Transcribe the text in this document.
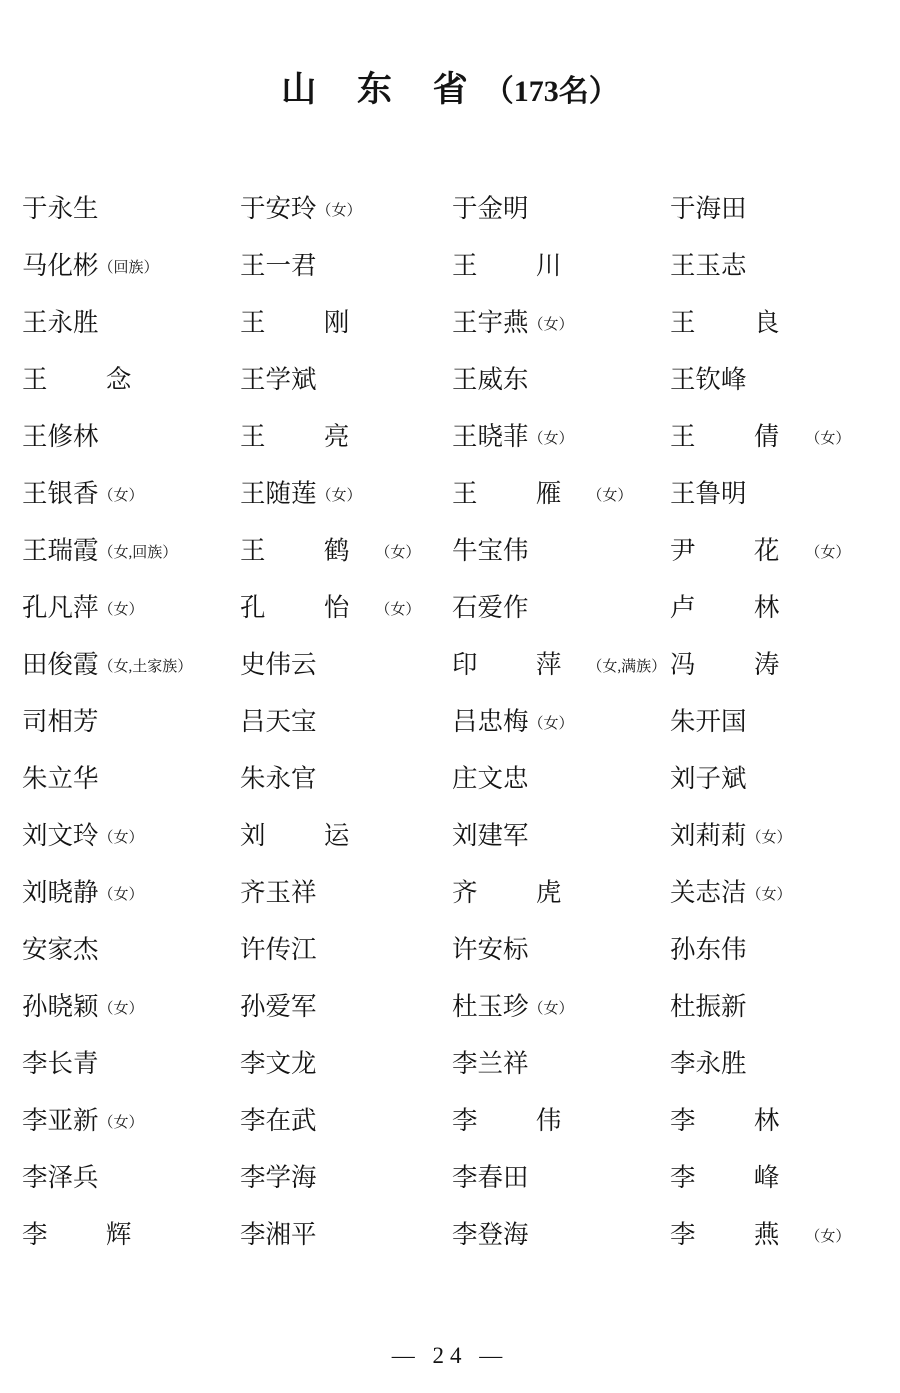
山 东 省（173名）
于永生	于安玲（女）	于金明	于海田
马化彬（回族）	王一君	王 川	王玉志
王永胜	王 刚	王宇燕（女）	王 良
王 念	王学斌	王威东	王钦峰
王修林	王 亮	王晓菲（女）	王 倩（女）
王银香（女）	王随莲（女）	王 雁（女）	王鲁明
王瑞霞（女,回族）	王 鹤（女）	牛宝伟	尹 花（女）
孔凡萍（女）	孔 怡（女）	石爱作	卢 林
田俊霞（女,土家族）	史伟云	印 萍（女,满族）	冯 涛
司相芳	吕天宝	吕忠梅（女）	朱开国
朱立华	朱永官	庄文忠	刘子斌
刘文玲（女）	刘 运	刘建军	刘莉莉（女）
刘晓静（女）	齐玉祥	齐 虎	关志洁（女）
安家杰	许传江	许安标	孙东伟
孙晓颖（女）	孙爱军	杜玉珍（女）	杜振新
李长青	李文龙	李兰祥	李永胜
李亚新（女）	李在武	李 伟	李 林
李泽兵	李学海	李春田	李 峰
李 辉	李湘平	李登海	李 燕（女）
— 24 —
